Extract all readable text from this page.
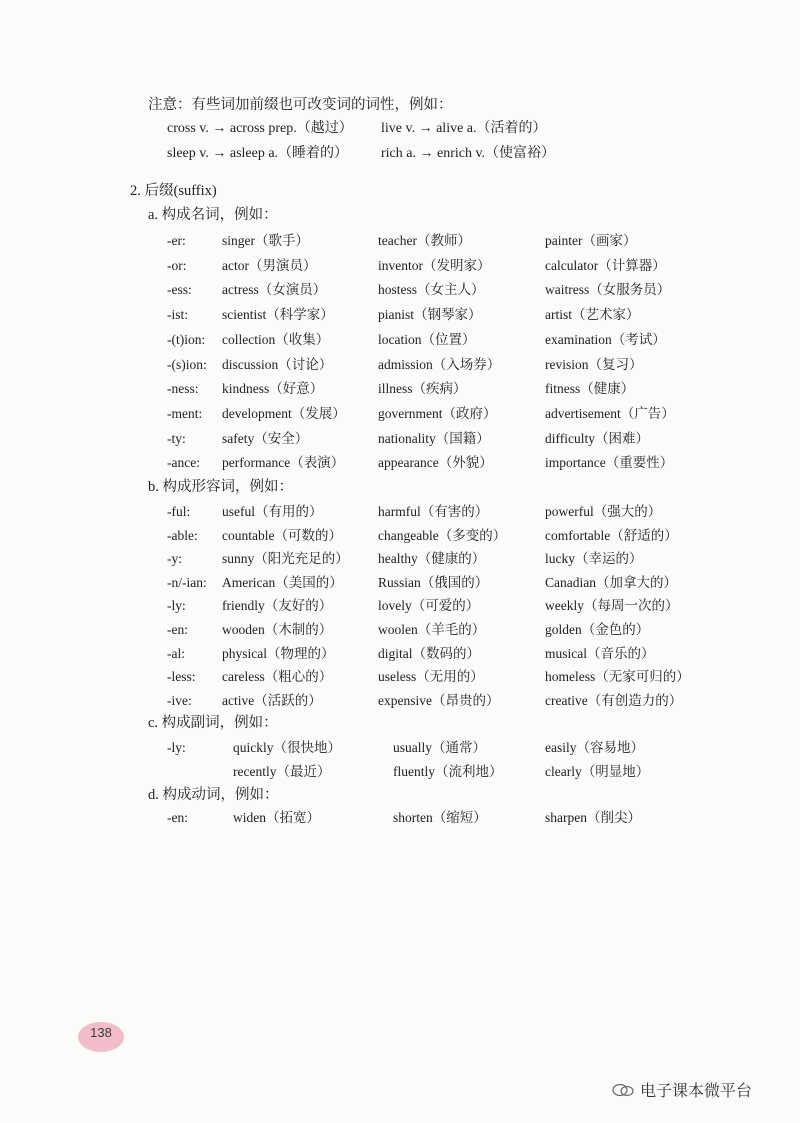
注意：有些词加前缀也可改变词的词性，例如：
cross v. → across prep.（越过） live v. → alive a.（活着的）
sleep v. → asleep a.（睡着的） rich a. → enrich v.（使富裕）
2. 后缀(suffix)
a. 构成名词，例如：
-er:	singer（歌手）	teacher（教师）	painter（画家）
-or:	actor（男演员）	inventor（发明家）	calculator（计算器）
-ess: actress（女演员）	hostess（女主人）	waitress（女服务员）
-ist:	scientist（科学家）	pianist（钢琴家）	artist（艺术家）
-(t)ion: collection（收集）	location（位置）	examination（考试）
-(s)ion: discussion（讨论）	admission（入场券）	revision（复习）
-ness: kindness（好意）	illness（疾病）	fitness（健康）
-ment: development（发展） government（政府）	advertisement（广告）
-ty:	safety（安全）	nationality（国籍）	difficulty（困难）
-ance: performance（表演）	appearance（外貌）	importance（重要性）
b. 构成形容词，例如：
-ful: useful（有用的）	harmful（有害的）	powerful（强大的）
-able: countable（可数的）	changeable（多变的）	comfortable（舒适的）
-y:	sunny（阳光充足的） healthy（健康的）	lucky（幸运的）
-n/-ian: American（美国的）	Russian（俄国的）	Canadian（加拿大的）
-ly:	friendly（友好的）	lovely（可爱的）	weekly（每周一次的）
-en:	wooden（木制的）	woolen（羊毛的）	golden（金色的）
-al:	physical（物理的）	digital（数码的）	musical（音乐的）
-less: careless（粗心的）	useless（无用的）	homeless（无家可归的）
-ive: active（活跃的）	expensive（昂贵的）	creative（有创造力的）
c. 构成副词，例如：
-ly:	quickly（很快地）	usually（通常）	easily（容易地）
recently（最近）	fluently（流利地）	clearly（明显地）
d. 构成动词，例如：
-en:	widen（拓宽）	shorten（缩短）	sharpen（削尖）
138
电子课本微平台
